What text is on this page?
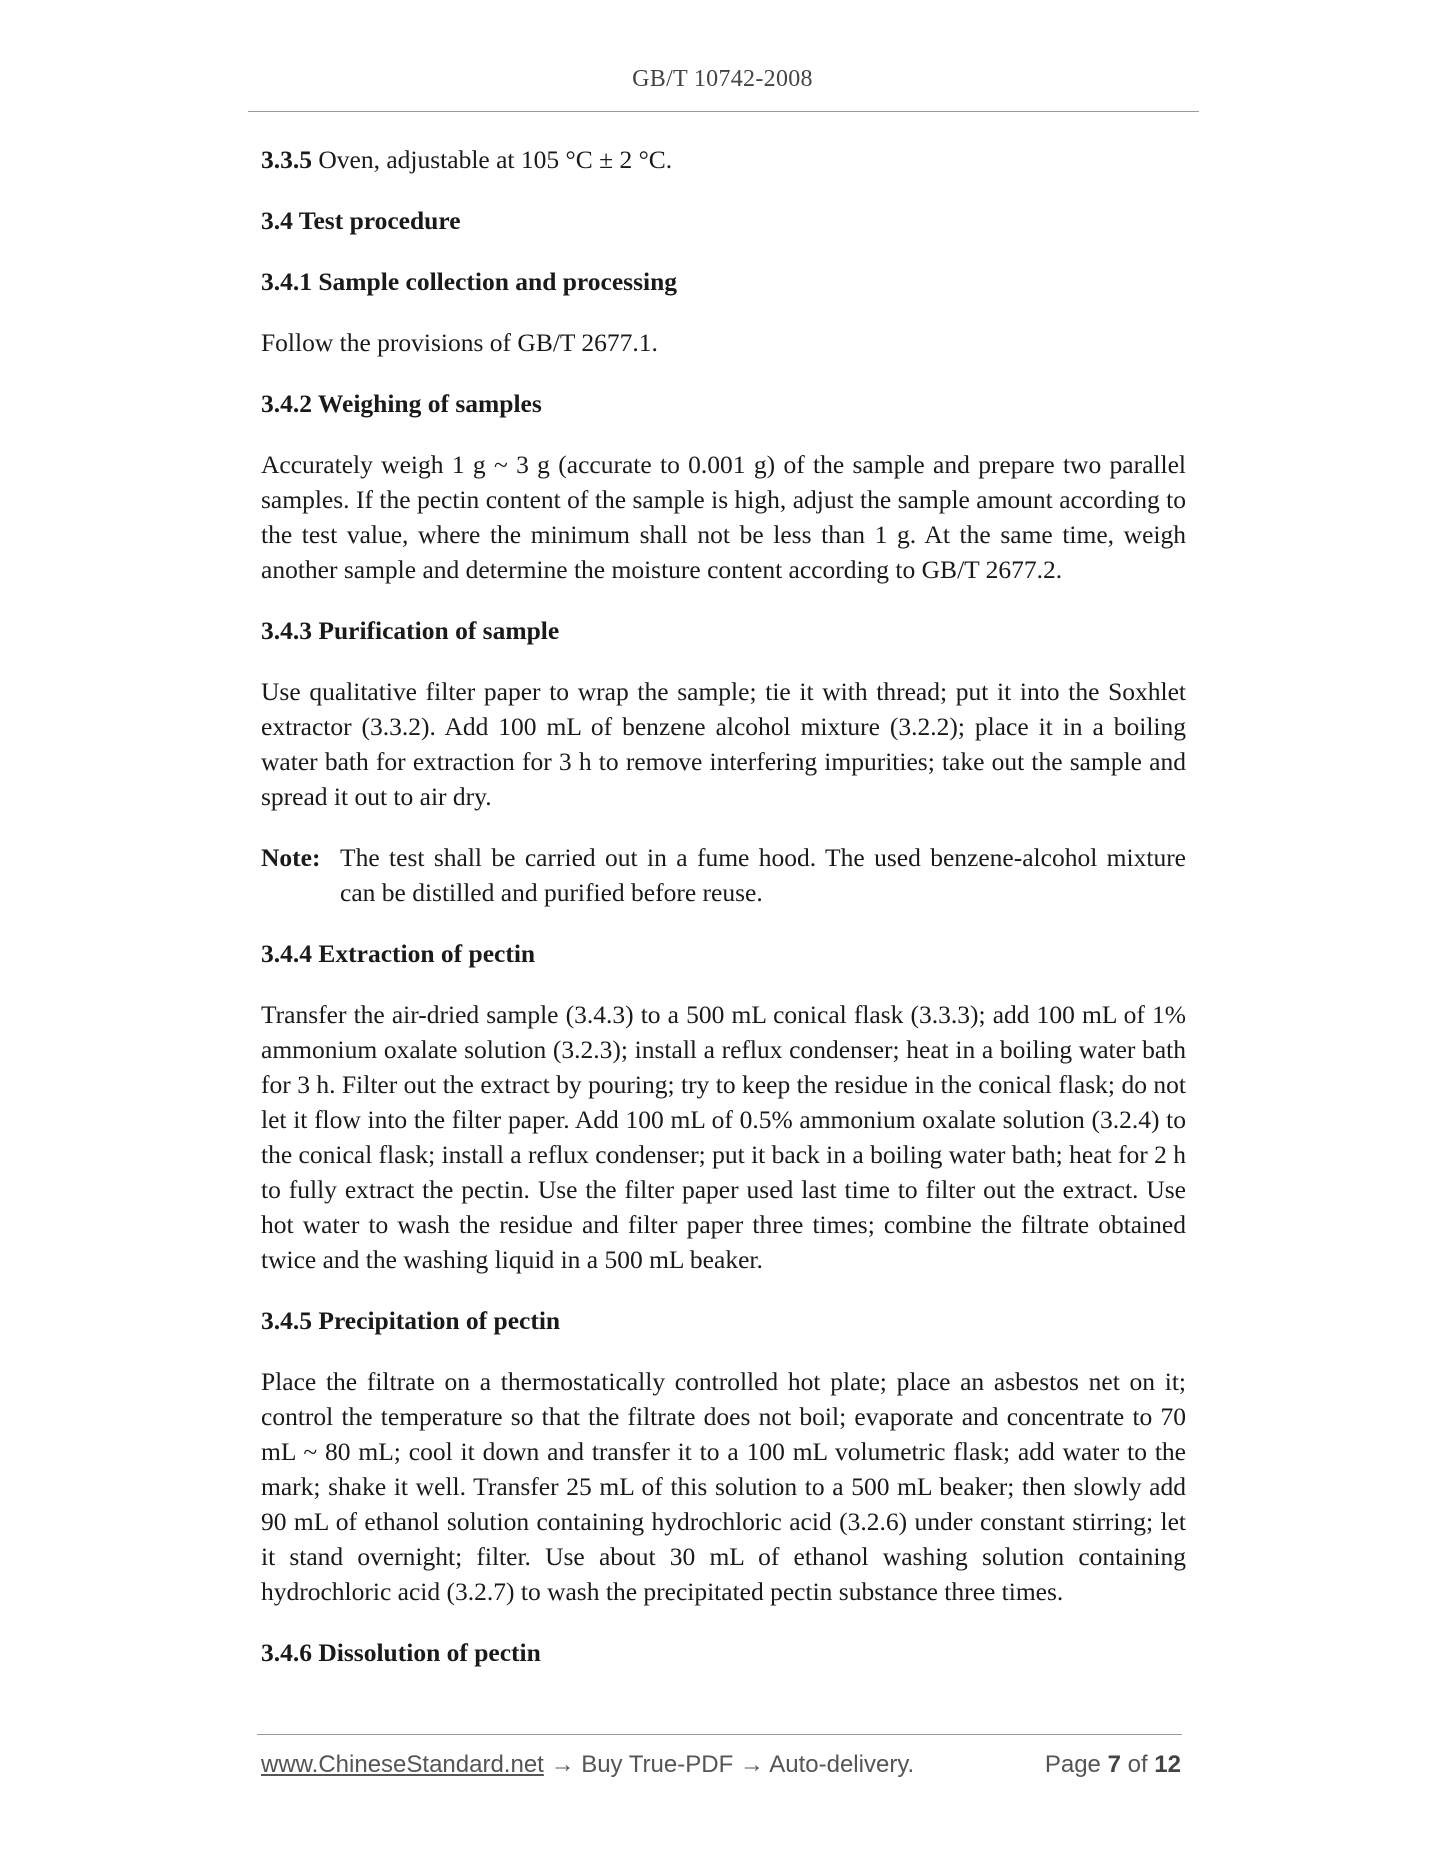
GB/T 10742-2008

3.3.5 Oven, adjustable at 105 °C ± 2 °C.

3.4 Test procedure
3.4.1 Sample collection and processing

Follow the provisions of GB/T 2677.1.

3.4.2 Weighing of samples

Accurately weigh 1 g ~ 3 g (accurate to 0.001 g) of the sample and prepare two parallel samples. If the pectin content of the sample is high, adjust the sample amount according to the test value, where the minimum shall not be less than 1 g. At the same time, weigh another sample and determine the moisture content according to GB/T 2677.2.

3.4.3 Purification of sample

Use qualitative filter paper to wrap the sample; tie it with thread; put it into the Soxhlet extractor (3.3.2). Add 100 mL of benzene alcohol mixture (3.2.2); place it in a boiling water bath for extraction for 3 h to remove interfering impurities; take out the sample and spread it out to air dry.

Note: The test shall be carried out in a fume hood. The used benzene-alcohol mixture can be distilled and purified before reuse.

3.4.4 Extraction of pectin

Transfer the air-dried sample (3.4.3) to a 500 mL conical flask (3.3.3); add 100 mL of 1% ammonium oxalate solution (3.2.3); install a reflux condenser; heat in a boiling water bath for 3 h. Filter out the extract by pouring; try to keep the residue in the conical flask; do not let it flow into the filter paper. Add 100 mL of 0.5% ammonium oxalate solution (3.2.4) to the conical flask; install a reflux condenser; put it back in a boiling water bath; heat for 2 h to fully extract the pectin. Use the filter paper used last time to filter out the extract. Use hot water to wash the residue and filter paper three times; combine the filtrate obtained twice and the washing liquid in a 500 mL beaker.

3.4.5 Precipitation of pectin

Place the filtrate on a thermostatically controlled hot plate; place an asbestos net on it; control the temperature so that the filtrate does not boil; evaporate and concentrate to 70 mL ~ 80 mL; cool it down and transfer it to a 100 mL volumetric flask; add water to the mark; shake it well. Transfer 25 mL of this solution to a 500 mL beaker; then slowly add 90 mL of ethanol solution containing hydrochloric acid (3.2.6) under constant stirring; let it stand overnight; filter. Use about 30 mL of ethanol washing solution containing hydrochloric acid (3.2.7) to wash the precipitated pectin substance three times.

3.4.6 Dissolution of pectin
www.ChineseStandard.net → Buy True-PDF → Auto-delivery.	Page 7 of 12
